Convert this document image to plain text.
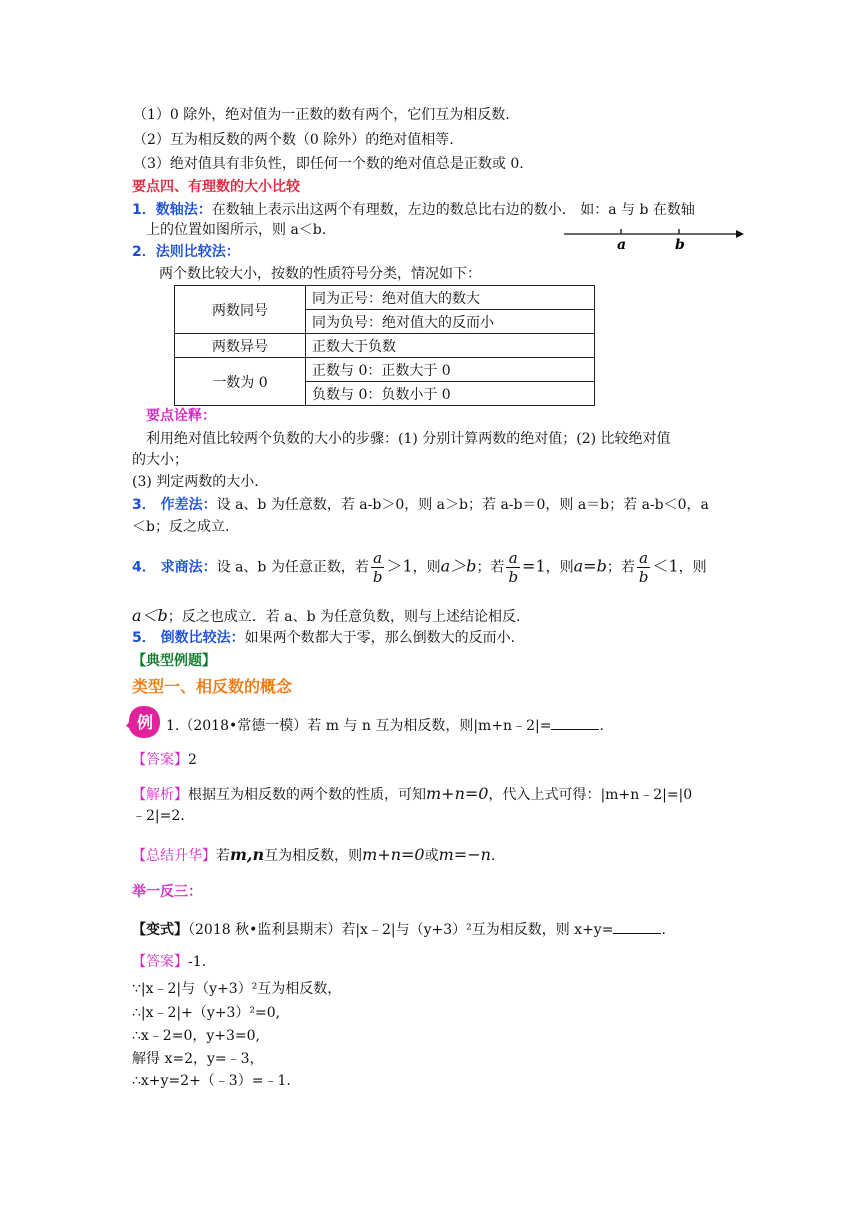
（1）0 除外，绝对值为一正数的数有两个，它们互为相反数.
（2）互为相反数的两个数（0 除外）的绝对值相等.
（3）绝对值具有非负性，即任何一个数的绝对值总是正数或 0.
要点四、有理数的大小比较
1．数轴法：在数轴上表示出这两个有理数，左边的数总比右边的数小． 如：a 与 b 在数轴
上的位置如图所示，则 a＜b.
a	b
2．法则比较法：
两个数比较大小，按数的性质符号分类，情况如下：
两数同号	同为正号：绝对值大的数大
	同为负号：绝对值大的反而小
两数异号	正数大于负数
一数为 0	正数与 0：正数大于 0
	负数与 0：负数小于 0
要点诠释：
利用绝对值比较两个负数的大小的步骤：(1) 分别计算两数的绝对值；(2) 比较绝对值
的大小；
(3) 判定两数的大小.
3． 作差法：设 a、b 为任意数，若 a-b＞0，则 a＞b；若 a-b＝0，则 a＝b；若 a-b＜0，a
＜b；反之成立.
4． 求商法：设 a、b 为任意正数，若 $\frac{a}{b} >1$，则a＞b；若 $\frac{a}{b} =1$，则a=b；若 $\frac{a}{b} <1$，则
a＜b；反之也成立．若 a、b 为任意负数，则与上述结论相反.
5． 倒数比较法：如果两个数都大于零，那么倒数大的反而小.
【典型例题】
类型一、相反数的概念
例 1.（2018•常德一模）若 m 与 n 互为相反数，则|m+n﹣2|=	.
【答案】2
【解析】根据互为相反数的两个数的性质，可知m+n=0，代入上式可得：|m+n﹣2|=|0
﹣2|=2.
【总结升华】若m,n互为相反数，则m+n=0或m=−n.
举一反三：
【变式】（2018 秋•监利县期末）若|x﹣2|与（y+3）²互为相反数，则 x+y=	.
【答案】-1.
∵|x﹣2|与（y+3）²互为相反数，
∴|x﹣2|+（y+3）²=0,
∴x﹣2=0，y+3=0,
解得 x=2，y=﹣3，
∴x+y=2+（﹣3）=﹣1.
